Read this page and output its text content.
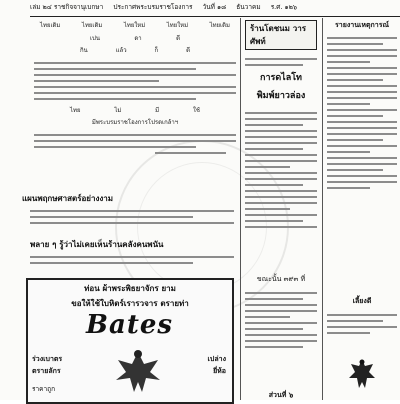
เล่ม ๒๔ ราชกิจจานุเบกษา ประกาศพระบรมราชโองการ วันที่ ๑๘ ธันวาคม ร.ศ. ๑๒๖
ไทยเดิม	ไทยเดิม	ไทยใหม่	ไทยใหม่	ไทยเดิม
เปน	ดา	ดี
กิน	แล้ว	ก็	ดี
ไทย	ไม่	มี	ใช้
มีพระบรมราชโองการโปรดเกล้าฯ
แผนพฤกษศาสตร์อย่างงาม
พลาย ๆ รู้ว่าไม่เคยเห็นร้านคลังคนพนัน
ท่อน ผ้าพระพิธยาจักร ยาม
ขอให้ใช้ใบหิตร์เรารวจาร ตรายท่า
Bates
ร่วงเบาตร
ตรายลักร
ราคาถูก
เปล่าง
ยี่ห้อ
ร้านโตชนม วารศัพท์
การดไลโท
พิมพ์ยาวล่อง
ขณะนั้น ๓๙๓ ที่
ส่วนที่ ๖
รายงานเหตุการณ์
เลี้ยงดี
